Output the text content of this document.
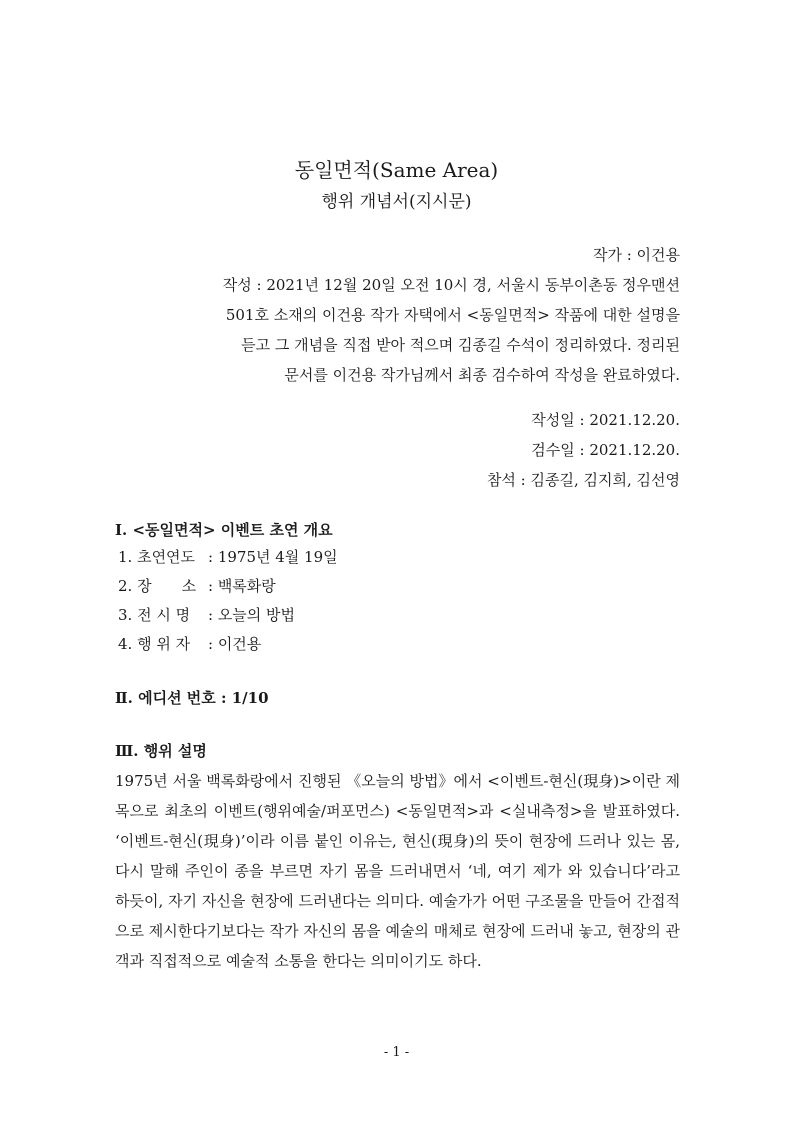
동일면적(Same Area)
행위 개념서(지시문)
작가 : 이건용
작성 : 2021년 12월 20일 오전 10시 경, 서울시 동부이촌동 정우맨션
501호 소재의 이건용 작가 자택에서 <동일면적> 작품에 대한 설명을
듣고 그 개념을 직접 받아 적으며 김종길 수석이 정리하였다. 정리된
문서를 이건용 작가님께서 최종 검수하여 작성을 완료하였다.
작성일 : 2021.12.20.
검수일 : 2021.12.20.
참석 : 김종길, 김지희, 김선영
Ⅰ. <동일면적> 이벤트 초연 개요
1. 초연연도 : 1975년 4월 19일
2. 장　　소 : 백록화랑
3. 전 시 명 : 오늘의 방법
4. 행 위 자 : 이건용
Ⅱ. 에디션 번호 : 1/10
Ⅲ. 행위 설명

1975년 서울 백록화랑에서 진행된 《오늘의 방법》에서 <이벤트-현신(現身)>이란 제목으로 최초의 이벤트(행위예술/퍼포먼스) <동일면적>과 <실내측정>을 발표하였다. ‘이벤트-현신(現身)’이라 이름 붙인 이유는, 현신(現身)의 뜻이 현장에 드러나 있는 몸, 다시 말해 주인이 종을 부르면 자기 몸을 드러내면서 ‘네, 여기 제가 와 있습니다’라고 하듯이, 자기 자신을 현장에 드러낸다는 의미다. 예술가가 어떤 구조물을 만들어 간접적으로 제시한다기보다는 작가 자신의 몸을 예술의 매체로 현장에 드러내 놓고, 현장의 관객과 직접적으로 예술적 소통을 한다는 의미이기도 하다.

- 1 -
